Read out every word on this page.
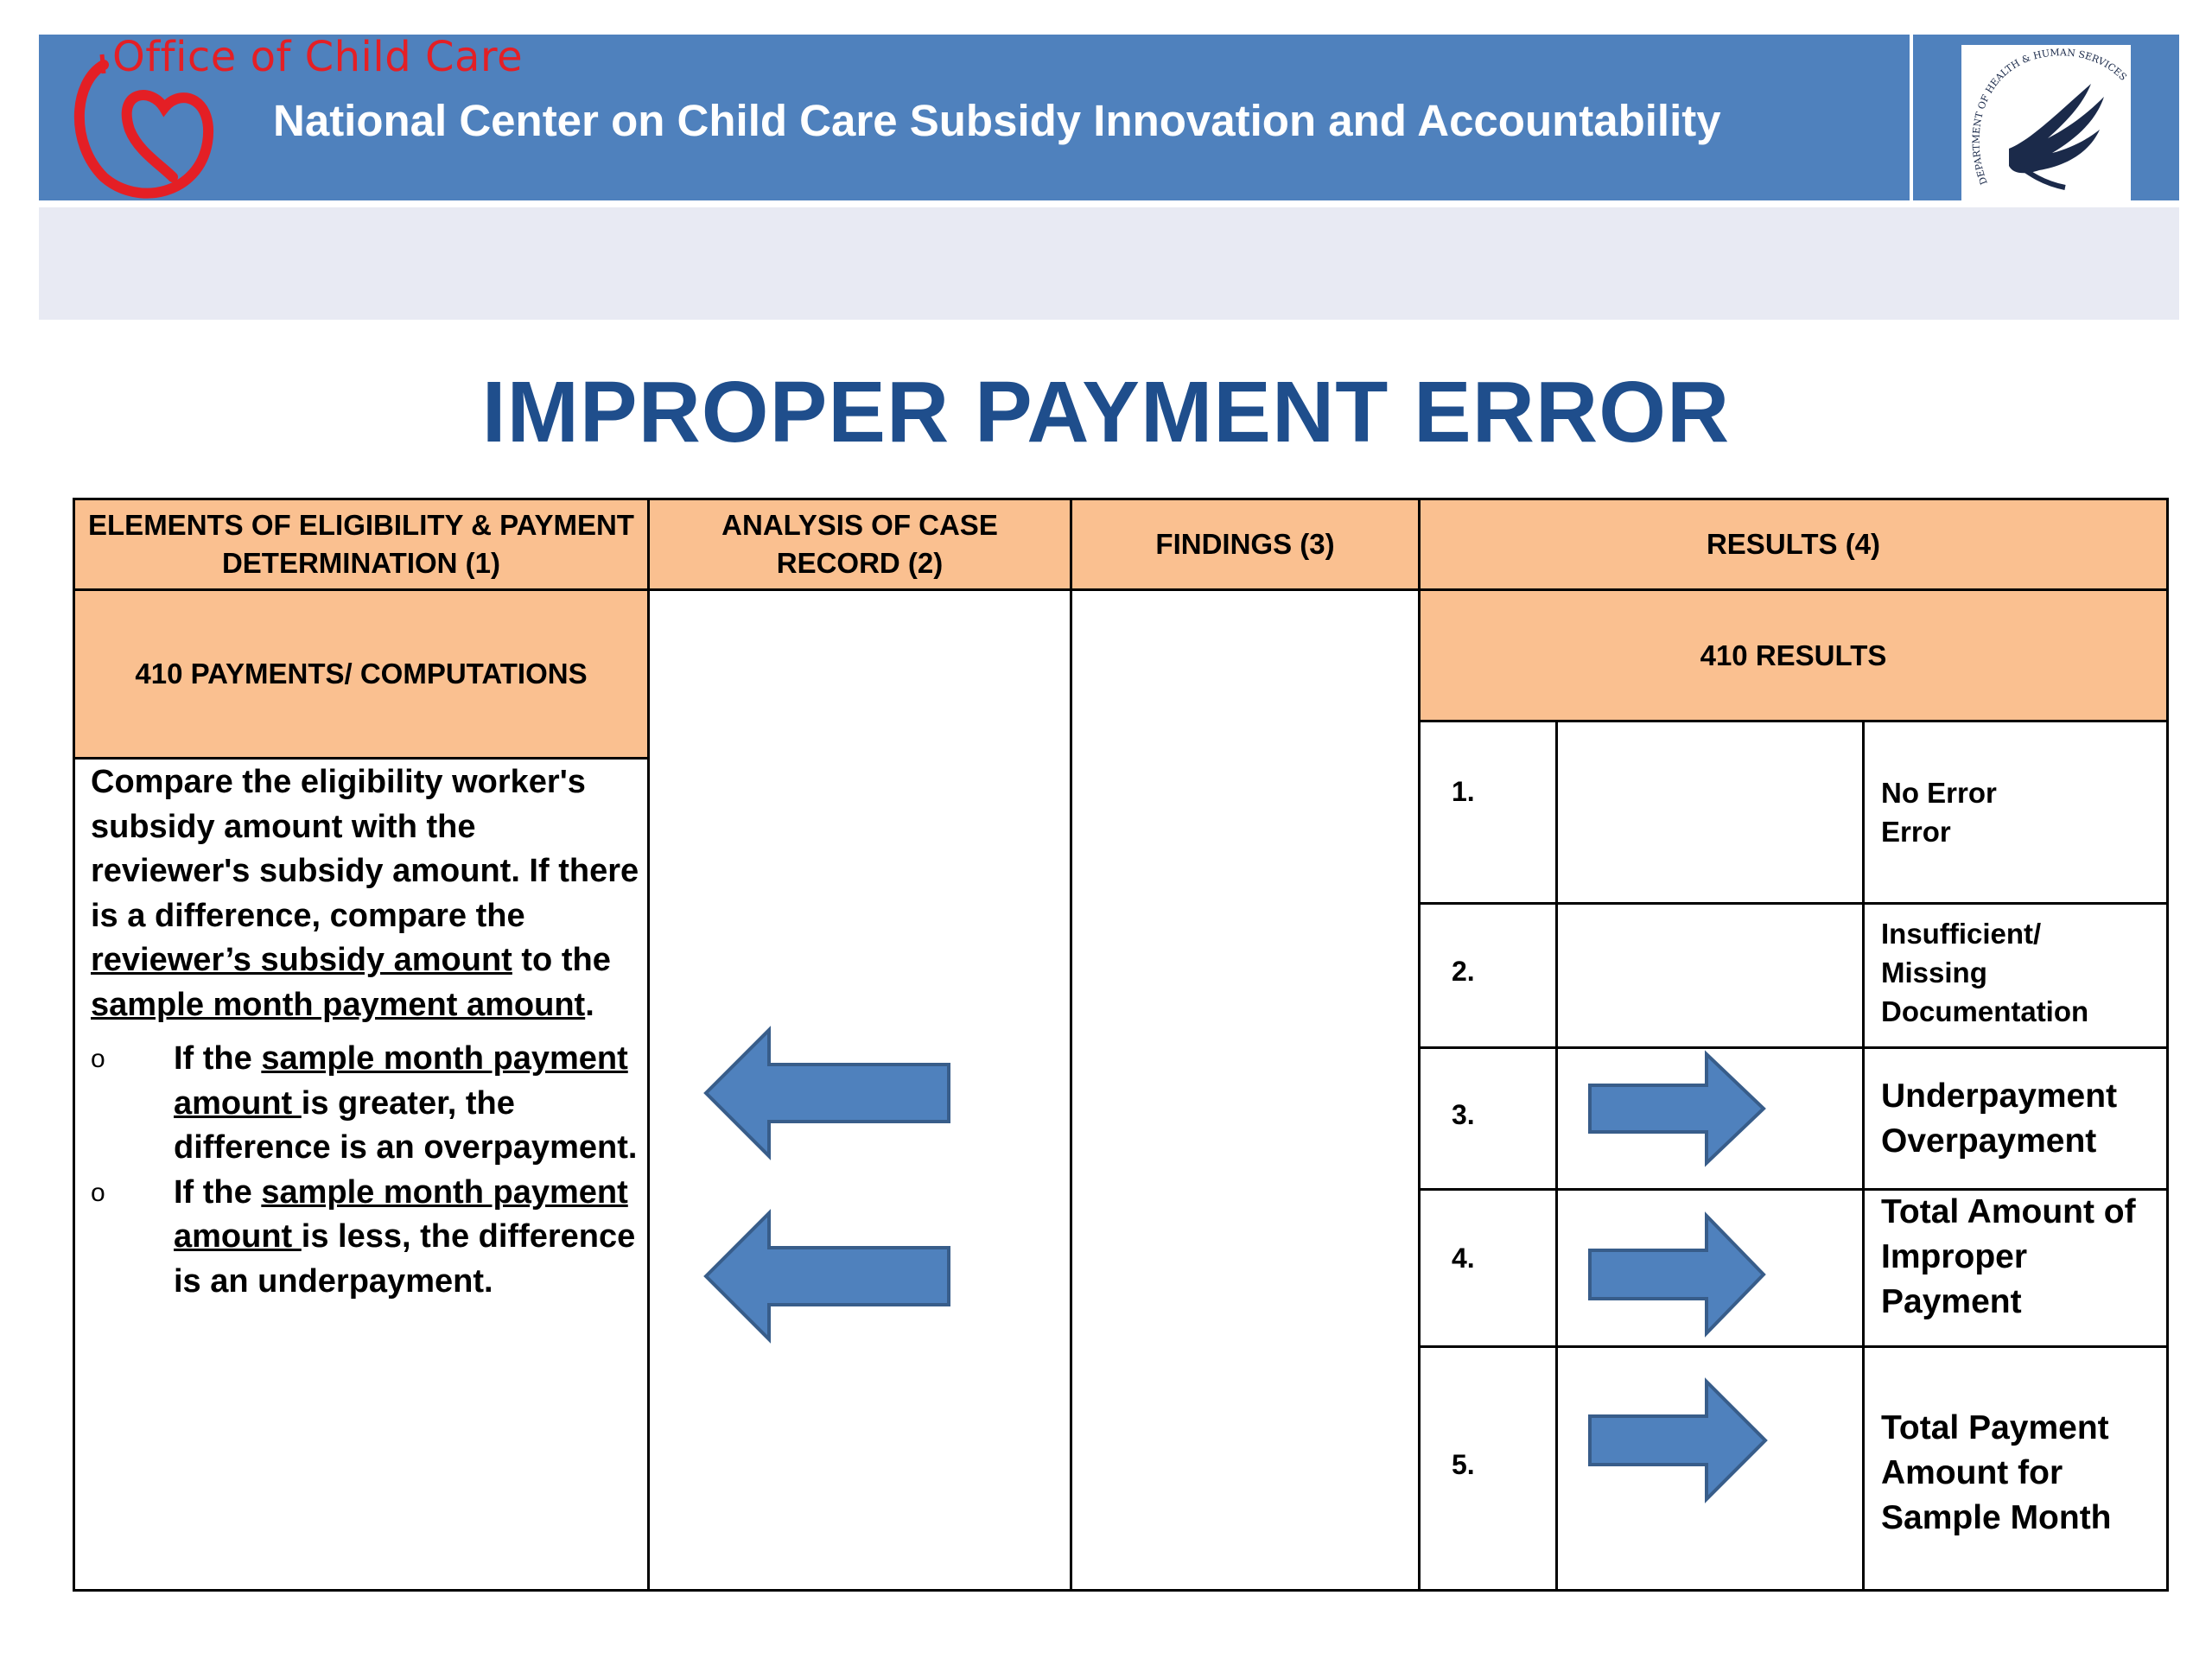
Office of Child Care
National Center on Child Care Subsidy Innovation and Accountability
DEPARTMENT OF HEALTH & HUMAN SERVICES
IMPROPER PAYMENT ERROR
ELEMENTS OF ELIGIBILITY & PAYMENT DETERMINATION (1)
ANALYSIS OF CASE RECORD (2)
FINDINGS (3)	RESULTS (4)
410 PAYMENTS/ COMPUTATIONS
410 RESULTS
1.
2.
3.
4.
5.
No Error
Error
Insufficient/
Missing
Documentation
Underpayment
Overpayment
Total Amount of
Improper
Payment
Total Payment
Amount for
Sample Month
Compare the eligibility worker's subsidy amount with the reviewer's subsidy amount. If there is a difference, compare the reviewer’s subsidy amount to the sample month payment amount.
o If the sample month payment amount is greater, the difference is an overpayment.
o If the sample month payment amount is less, the difference is an underpayment.
